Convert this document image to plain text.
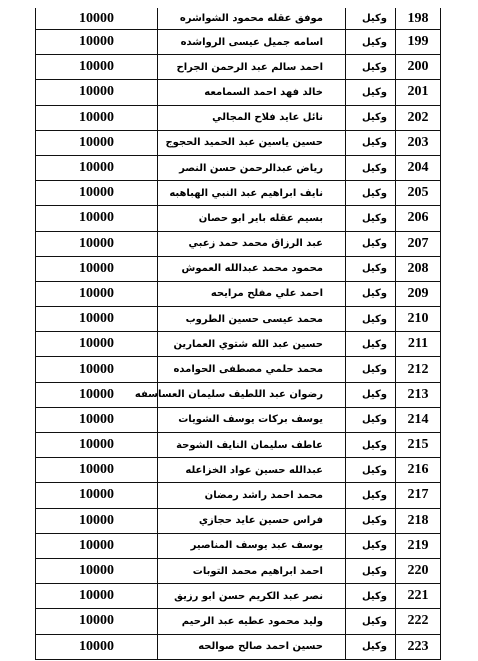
10000	موفق عقله محمود الشواشره	وكيل	198
10000	اسامه جميل عيسى الرواشده	وكيل	199
10000	احمد سالم عبد الرحمن الجراح	وكيل	200
10000	خالد فهد احمد السمامعه	وكيل	201
10000	نائل عايد فلاح المجالي	وكيل	202
10000	حسين ياسين عبد الحميد الحجوج	وكيل	203
10000	رياض عبدالرحمن حسن النصر	وكيل	204
10000	نايف ابراهيم عبد النبي الهباهبه	وكيل	205
10000	بسيم عقله باير ابو حصان	وكيل	206
10000	عبد الرزاق محمد حمد زعبي	وكيل	207
10000	محمود محمد عبدالله العموش	وكيل	208
10000	احمد علي مفلح مرايحه	وكيل	209
10000	محمد عيسى حسين الطروب	وكيل	210
10000	حسين عبد الله شتوي العمارين	وكيل	211
10000	محمد حلمي مصطفى الحوامده	وكيل	212
10000	رضوان عبد اللطيف سليمان العساسفه	وكيل	213
10000	يوسف بركات يوسف الشويات	وكيل	214
10000	عاطف سليمان النايف الشوحة	وكيل	215
10000	عبدالله حسين عواد الخزاعله	وكيل	216
10000	محمد احمد راشد رمضان	وكيل	217
10000	فراس حسين عايد حجازي	وكيل	218
10000	يوسف عبد يوسف المناصير	وكيل	219
10000	احمد ابراهيم محمد التوبات	وكيل	220
10000	نصر عبد الكريم حسن ابو رزيق	وكيل	221
10000	وليد محمود عطيه عبد الرحيم	وكيل	222
10000	حسين احمد صالح صوالحه	وكيل	223
